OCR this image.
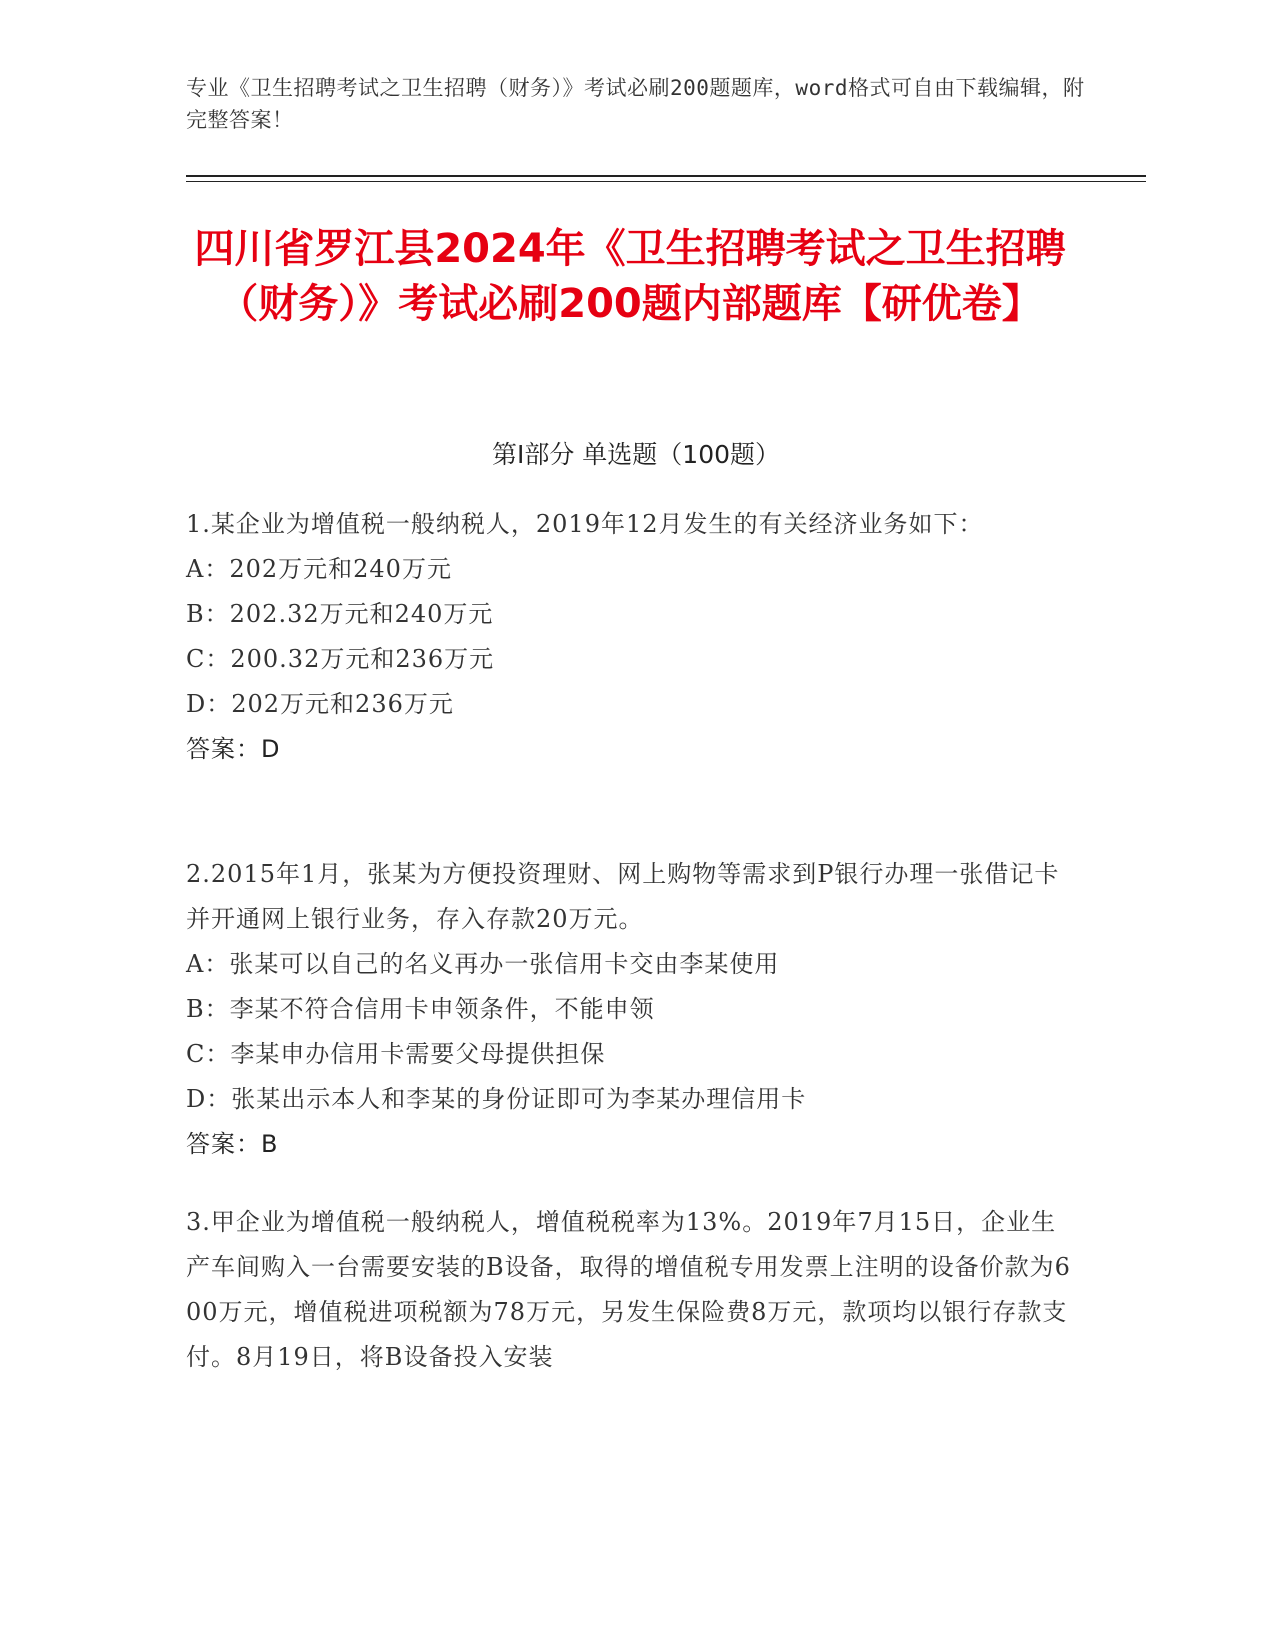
专业《卫生招聘考试之卫生招聘（财务）》考试必刷200题题库，word格式可自由下载编辑，附完整答案！
四川省罗江县2024年《卫生招聘考试之卫生招聘（财务）》考试必刷200题内部题库【研优卷】
第I部分 单选题（100题）
1.某企业为增值税一般纳税人，2019年12月发生的有关经济业务如下：
A：202万元和240万元
B：202.32万元和240万元
C：200.32万元和236万元
D：202万元和236万元
答案：D
2.2015年1月，张某为方便投资理财、网上购物等需求到P银行办理一张借记卡并开通网上银行业务，存入存款20万元。
A：张某可以自己的名义再办一张信用卡交由李某使用
B：李某不符合信用卡申领条件，不能申领
C：李某申办信用卡需要父母提供担保
D：张某出示本人和李某的身份证即可为李某办理信用卡
答案：B
3.甲企业为增值税一般纳税人，增值税税率为13%。2019年7月15日，企业生产车间购入一台需要安装的B设备，取得的增值税专用发票上注明的设备价款为600万元，增值税进项税额为78万元，另发生保险费8万元，款项均以银行存款支付。8月19日，将B设备投入安装
